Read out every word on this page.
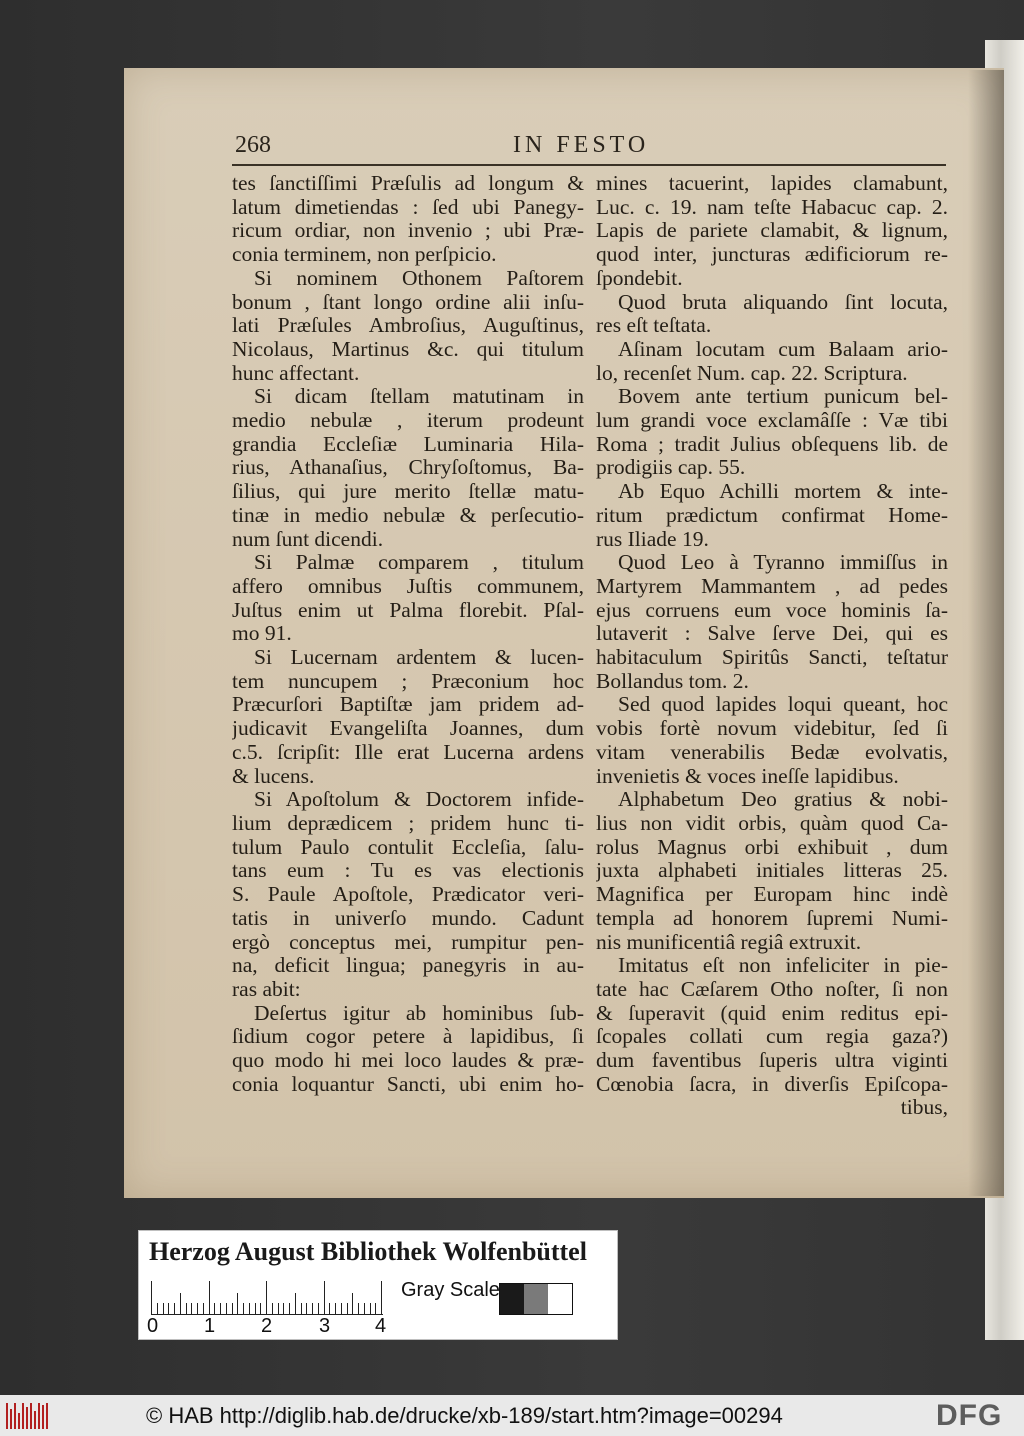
268	IN FESTO
tes ſanctiſſimi Præſulis ad longum &
latum dimetiendas : ſed ubi Panegy-
ricum ordiar, non invenio ; ubi Præ-
conia terminem, non perſpicio.
Si nominem Othonem Paſtorem
bonum , ſtant longo ordine alii inſu-
lati Præſules Ambroſius, Auguſtinus,
Nicolaus, Martinus &c. qui titulum
hunc affectant.
Si dicam ſtellam matutinam in
medio nebulæ , iterum prodeunt
grandia Eccleſiæ Luminaria Hila-
rius, Athanaſius, Chryſoſtomus, Ba-
ſilius, qui jure merito ſtellæ matu-
tinæ in medio nebulæ & perſecutio-
num ſunt dicendi.
Si Palmæ comparem , titulum
affero omnibus Juſtis communem,
Juſtus enim ut Palma florebit. Pſal-
mo 91.
Si Lucernam ardentem & lucen-
tem nuncupem ; Præconium hoc
Præcurſori Baptiſtæ jam pridem ad-
judicavit Evangeliſta Joannes, dum
c.5. ſcripſit: Ille erat Lucerna ardens
& lucens.
Si Apoſtolum & Doctorem infide-
lium deprædicem ; pridem hunc ti-
tulum Paulo contulit Eccleſia, ſalu-
tans eum : Tu es vas electionis
S. Paule Apoſtole, Prædicator veri-
tatis in univerſo mundo. Cadunt
ergò conceptus mei, rumpitur pen-
na, deficit lingua; panegyris in au-
ras abit:
Deſertus igitur ab hominibus ſub-
ſidium cogor petere à lapidibus, ſi
quo modo hi mei loco laudes & præ-
conia loquantur Sancti, ubi enim ho-
mines tacuerint, lapides clamabunt,
Luc. c. 19. nam teſte Habacuc cap. 2.
Lapis de pariete clamabit, & lignum,
quod inter, juncturas ædificiorum re-
ſpondebit.
Quod bruta aliquando ſint locuta,
res eſt teſtata.
Aſinam locutam cum Balaam ario-
lo, recenſet Num. cap. 22. Scriptura.
Bovem ante tertium punicum bel-
lum grandi voce exclamâſſe : Væ tibi
Roma ; tradit Julius obſequens lib. de
prodigiis cap. 55.
Ab Equo Achilli mortem & inte-
ritum prædictum confirmat Home-
rus Iliade 19.
Quod Leo à Tyranno immiſſus in
Martyrem Mammantem , ad pedes
ejus corruens eum voce hominis ſa-
lutaverit : Salve ſerve Dei, qui es
habitaculum Spiritûs Sancti, teſtatur
Bollandus tom. 2.
Sed quod lapides loqui queant, hoc
vobis fortè novum videbitur, ſed ſi
vitam venerabilis Bedæ evolvatis,
invenietis & voces ineſſe lapidibus.
Alphabetum Deo gratius & nobi-
lius non vidit orbis, quàm quod Ca-
rolus Magnus orbi exhibuit , dum
juxta alphabeti initiales litteras 25.
Magnifica per Europam hinc indè
templa ad honorem ſupremi Numi-
nis munificentiâ regiâ extruxit.
Imitatus eſt non infeliciter in pie-
tate hac Cæſarem Otho noſter, ſi non
& ſuperavit (quid enim reditus epi-
ſcopales collati cum regia gaza?)
dum faventibus ſuperis ultra viginti
Cœnobia ſacra, in diverſis Epiſcopa-
tibus,
Herzog August Bibliothek Wolfenbüttel
0 1 2 3 4
Gray Scale
© HAB http://diglib.hab.de/drucke/xb-189/start.htm?image=00294	DFG
